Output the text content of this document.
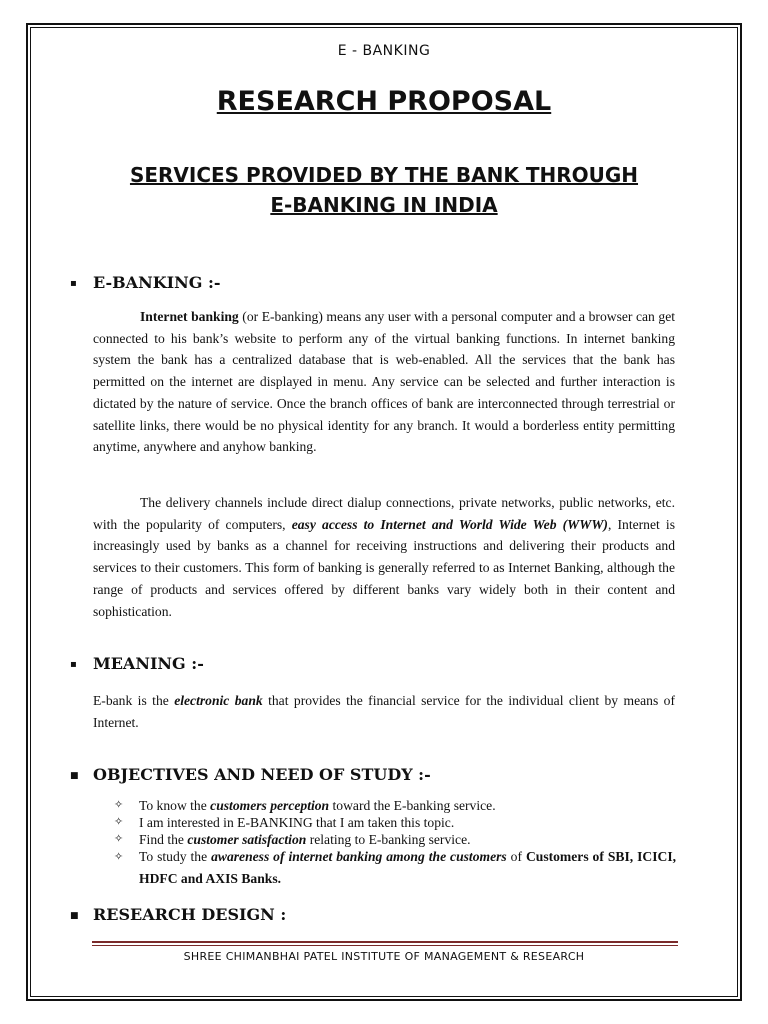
E - BANKING
RESEARCH PROPOSAL
SERVICES PROVIDED BY THE BANK THROUGH
E-BANKING IN INDIA
▪ E-BANKING :-

Internet banking (or E-banking) means any user with a personal computer and a browser can get connected to his bank’s website to perform any of the virtual banking functions. In internet banking system the bank has a centralized database that is web-enabled. All the services that the bank has permitted on the internet are displayed in menu. Any service can be selected and further interaction is dictated by the nature of service. Once the branch offices of bank are interconnected through terrestrial or satellite links, there would be no physical identity for any branch. It would a borderless entity permitting anytime, anywhere and anyhow banking.

The delivery channels include direct dialup connections, private networks, public networks, etc. with the popularity of computers, easy access to Internet and World Wide Web (WWW), Internet is increasingly used by banks as a channel for receiving instructions and delivering their products and services to their customers. This form of banking is generally referred to as Internet Banking, although the range of products and services offered by different banks vary widely both in their content and sophistication.

▪ MEANING :-

E-bank is the electronic bank that provides the financial service for the individual client by means of Internet.

■ OBJECTIVES AND NEED OF STUDY :-
✧ To know the customers perception toward the E-banking service.
✧ I am interested in E-BANKING that I am taken this topic.
✧ Find the customer satisfaction relating to E-banking service.
✧ To study the awareness of internet banking among the customers of Customers of SBI, ICICI, HDFC and AXIS Banks.
■ RESEARCH DESIGN :
SHREE CHIMANBHAI PATEL INSTITUTE OF MANAGEMENT & RESEARCH
